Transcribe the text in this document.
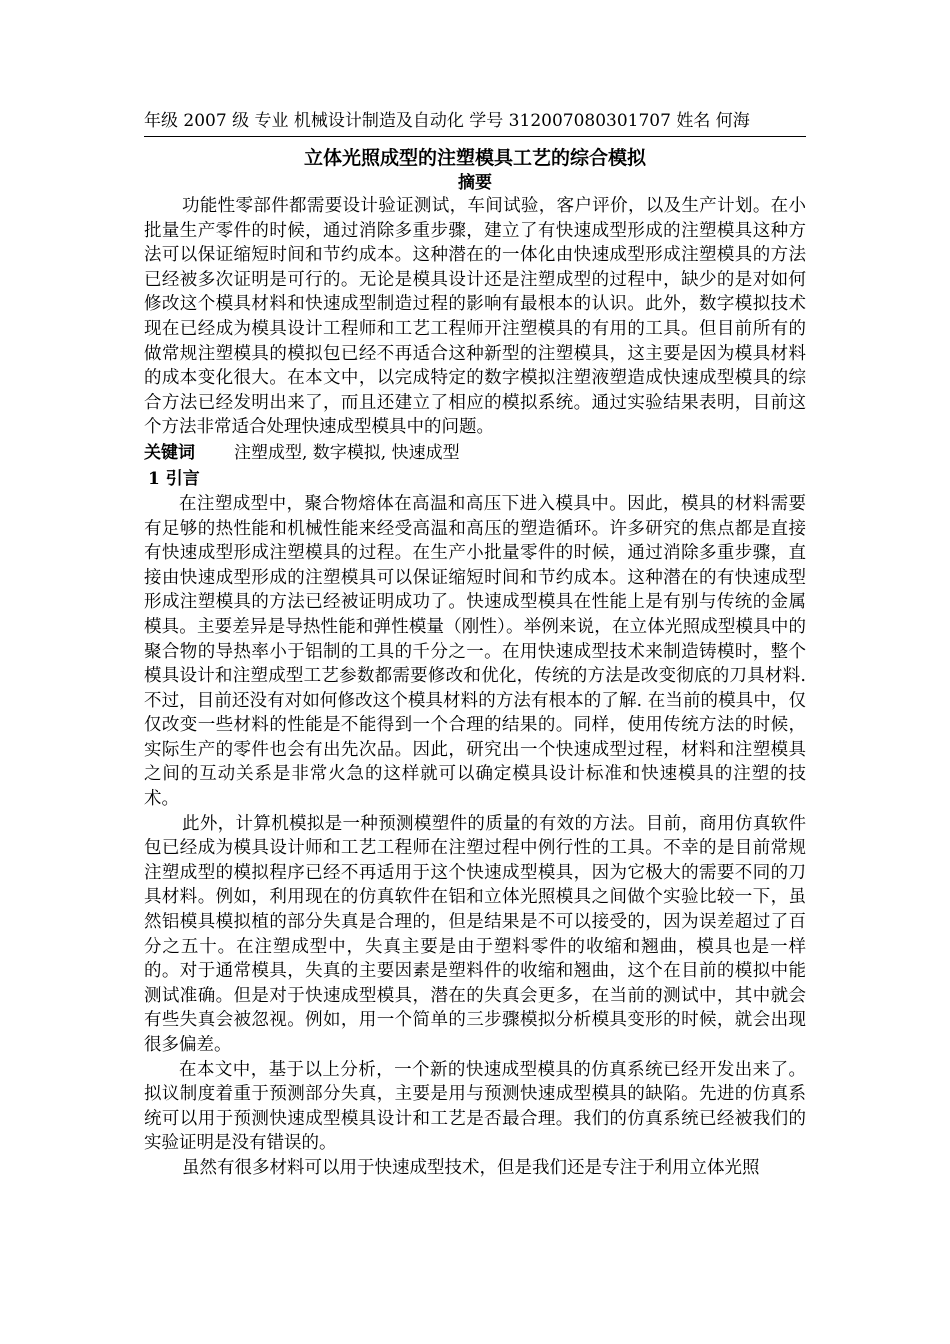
年级 2007 级 专业 机械设计制造及自动化 学号 312007080301707 姓名 何海
立体光照成型的注塑模具工艺的综合模拟
摘要

功能性零部件都需要设计验证测试，车间试验，客户评价，以及生产计划。在小批量生产零件的时候，通过消除多重步骤，建立了有快速成型形成的注塑模具这种方法可以保证缩短时间和节约成本。这种潜在的一体化由快速成型形成注塑模具的方法已经被多次证明是可行的。无论是模具设计还是注塑成型的过程中，缺少的是对如何修改这个模具材料和快速成型制造过程的影响有最根本的认识。此外，数字模拟技术现在已经成为模具设计工程师和工艺工程师开注塑模具的有用的工具。但目前所有的做常规注塑模具的模拟包已经不再适合这种新型的注塑模具，这主要是因为模具材料的成本变化很大。在本文中，以完成特定的数字模拟注塑液塑造成快速成型模具的综合方法已经发明出来了，而且还建立了相应的模拟系统。通过实验结果表明，目前这个方法非常适合处理快速成型模具中的问题。

关键词 注塑成型, 数字模拟, 快速成型
1 引言

在注塑成型中，聚合物熔体在高温和高压下进入模具中。因此，模具的材料需要有足够的热性能和机械性能来经受高温和高压的塑造循环。许多研究的焦点都是直接有快速成型形成注塑模具的过程。在生产小批量零件的时候，通过消除多重步骤，直接由快速成型形成的注塑模具可以保证缩短时间和节约成本。这种潜在的有快速成型形成注塑模具的方法已经被证明成功了。快速成型模具在性能上是有别与传统的金属模具。主要差异是导热性能和弹性模量（刚性）。举例来说，在立体光照成型模具中的聚合物的导热率小于铝制的工具的千分之一。在用快速成型技术来制造铸模时，整个模具设计和注塑成型工艺参数都需要修改和优化，传统的方法是改变彻底的刀具材料. 不过，目前还没有对如何修改这个模具材料的方法有根本的了解. 在当前的模具中，仅仅改变一些材料的性能是不能得到一个合理的结果的。同样，使用传统方法的时候，实际生产的零件也会有出先次品。因此，研究出一个快速成型过程，材料和注塑模具之间的互动关系是非常火急的这样就可以确定模具设计标准和快速模具的注塑的技术。

此外，计算机模拟是一种预测模塑件的质量的有效的方法。目前，商用仿真软件包已经成为模具设计师和工艺工程师在注塑过程中例行性的工具。不幸的是目前常规注塑成型的模拟程序已经不再适用于这个快速成型模具，因为它极大的需要不同的刀具材料。例如，利用现在的仿真软件在铝和立体光照模具之间做个实验比较一下，虽然铝模具模拟植的部分失真是合理的，但是结果是不可以接受的，因为误差超过了百分之五十。在注塑成型中，失真主要是由于塑料零件的收缩和翘曲，模具也是一样的。对于通常模具，失真的主要因素是塑料件的收缩和翘曲，这个在目前的模拟中能测试准确。但是对于快速成型模具，潜在的失真会更多，在当前的测试中，其中就会有些失真会被忽视。例如，用一个简单的三步骤模拟分析模具变形的时候，就会出现很多偏差。

在本文中，基于以上分析，一个新的快速成型模具的仿真系统已经开发出来了。拟议制度着重于预测部分失真，主要是用与预测快速成型模具的缺陷。先进的仿真系统可以用于预测快速成型模具设计和工艺是否最合理。我们的仿真系统已经被我们的实验证明是没有错误的。

虽然有很多材料可以用于快速成型技术，但是我们还是专注于利用立体光照
